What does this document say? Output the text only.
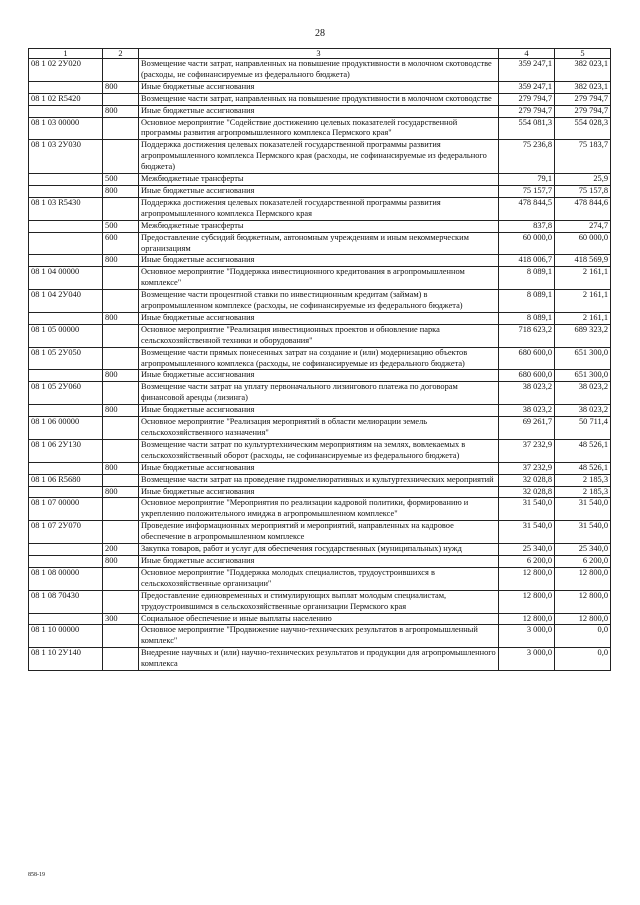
28
1	2	3	4	5
08 1 02 2У020		Возмещение части затрат, направленных на повышение продуктивности в молочном скотоводстве (расходы, не софинансируемые из федерального бюджета)	359 247,1	382 023,1
	800	Иные бюджетные ассигнования	359 247,1	382 023,1
08 1 02 R5420		Возмещение части затрат, направленных на повышение продуктивности в молочном скотоводстве	279 794,7	279 794,7
	800	Иные бюджетные ассигнования	279 794,7	279 794,7
08 1 03 00000		Основное мероприятие "Содействие достижению целевых показателей государственной программы развития агропромышленного комплекса Пермского края"	554 081,3	554 028,3
08 1 03 2У030		Поддержка достижения целевых показателей государственной программы развития агропромышленного комплекса Пермского края (расходы, не софинансируемые из федерального бюджета)	75 236,8	75 183,7
	500	Межбюджетные трансферты	79,1	25,9
	800	Иные бюджетные ассигнования	75 157,7	75 157,8
08 1 03 R5430		Поддержка достижения целевых показателей государственной программы развития агропромышленного комплекса Пермского края	478 844,5	478 844,6
	500	Межбюджетные трансферты	837,8	274,7
	600	Предоставление субсидий бюджетным, автономным учреждениям и иным некоммерческим организациям	60 000,0	60 000,0
	800	Иные бюджетные ассигнования	418 006,7	418 569,9
08 1 04 00000		Основное мероприятие "Поддержка инвестиционного кредитования в агропромышленном комплексе"	8 089,1	2 161,1
08 1 04 2У040		Возмещение части процентной ставки по инвестиционным кредитам (займам) в агропромышленном комплексе (расходы, не софинансируемые из федерального бюджета)	8 089,1	2 161,1
	800	Иные бюджетные ассигнования	8 089,1	2 161,1
08 1 05 00000		Основное мероприятие "Реализация инвестиционных проектов и обновление парка сельскохозяйственной техники и оборудования"	718 623,2	689 323,2
08 1 05 2У050		Возмещение части прямых понесенных затрат на создание и (или) модернизацию объектов агропромышленного комплекса (расходы, не софинансируемые из федерального бюджета)	680 600,0	651 300,0
	800	Иные бюджетные ассигнования	680 600,0	651 300,0
08 1 05 2У060		Возмещение части затрат на уплату первоначального лизингового платежа по договорам финансовой аренды (лизинга)	38 023,2	38 023,2
	800	Иные бюджетные ассигнования	38 023,2	38 023,2
08 1 06 00000		Основное мероприятие "Реализация мероприятий в области мелиорации земель сельскохозяйственного назначения"	69 261,7	50 711,4
08 1 06 2У130		Возмещение части затрат по культуртехническим мероприятиям на землях, вовлекаемых в сельскохозяйственный оборот (расходы, не софинансируемые из федерального бюджета)	37 232,9	48 526,1
	800	Иные бюджетные ассигнования	37 232,9	48 526,1
08 1 06 R5680		Возмещение части затрат на проведение гидромелиоративных и культуртехнических мероприятий	32 028,8	2 185,3
	800	Иные бюджетные ассигнования	32 028,8	2 185,3
08 1 07 00000		Основное мероприятие "Мероприятия по реализации кадровой политики, формированию и укреплению положительного имиджа в агропромышленном комплексе"	31 540,0	31 540,0
08 1 07 2У070		Проведение информационных мероприятий и мероприятий, направленных на кадровое обеспечение в агропромышленном комплексе	31 540,0	31 540,0
	200	Закупка товаров, работ и услуг для обеспечения государственных (муниципальных) нужд	25 340,0	25 340,0
	800	Иные бюджетные ассигнования	6 200,0	6 200,0
08 1 08 00000		Основное мероприятие "Поддержка молодых специалистов, трудоустроившихся в сельскохозяйственные организации"	12 800,0	12 800,0
08 1 08 70430		Предоставление единовременных и стимулирующих выплат молодым специалистам, трудоустроившимся в сельскохозяйственные организации Пермского края	12 800,0	12 800,0
	300	Социальное обеспечение и иные выплаты населению	12 800,0	12 800,0
08 1 10 00000		Основное мероприятие "Продвижение научно-технических результатов в агропромышленный комплекс"	3 000,0	0,0
08 1 10 2У140		Внедрение научных и (или) научно-технических результатов и продукции для агропромышленного комплекса	3 000,0	0,0
858-19
